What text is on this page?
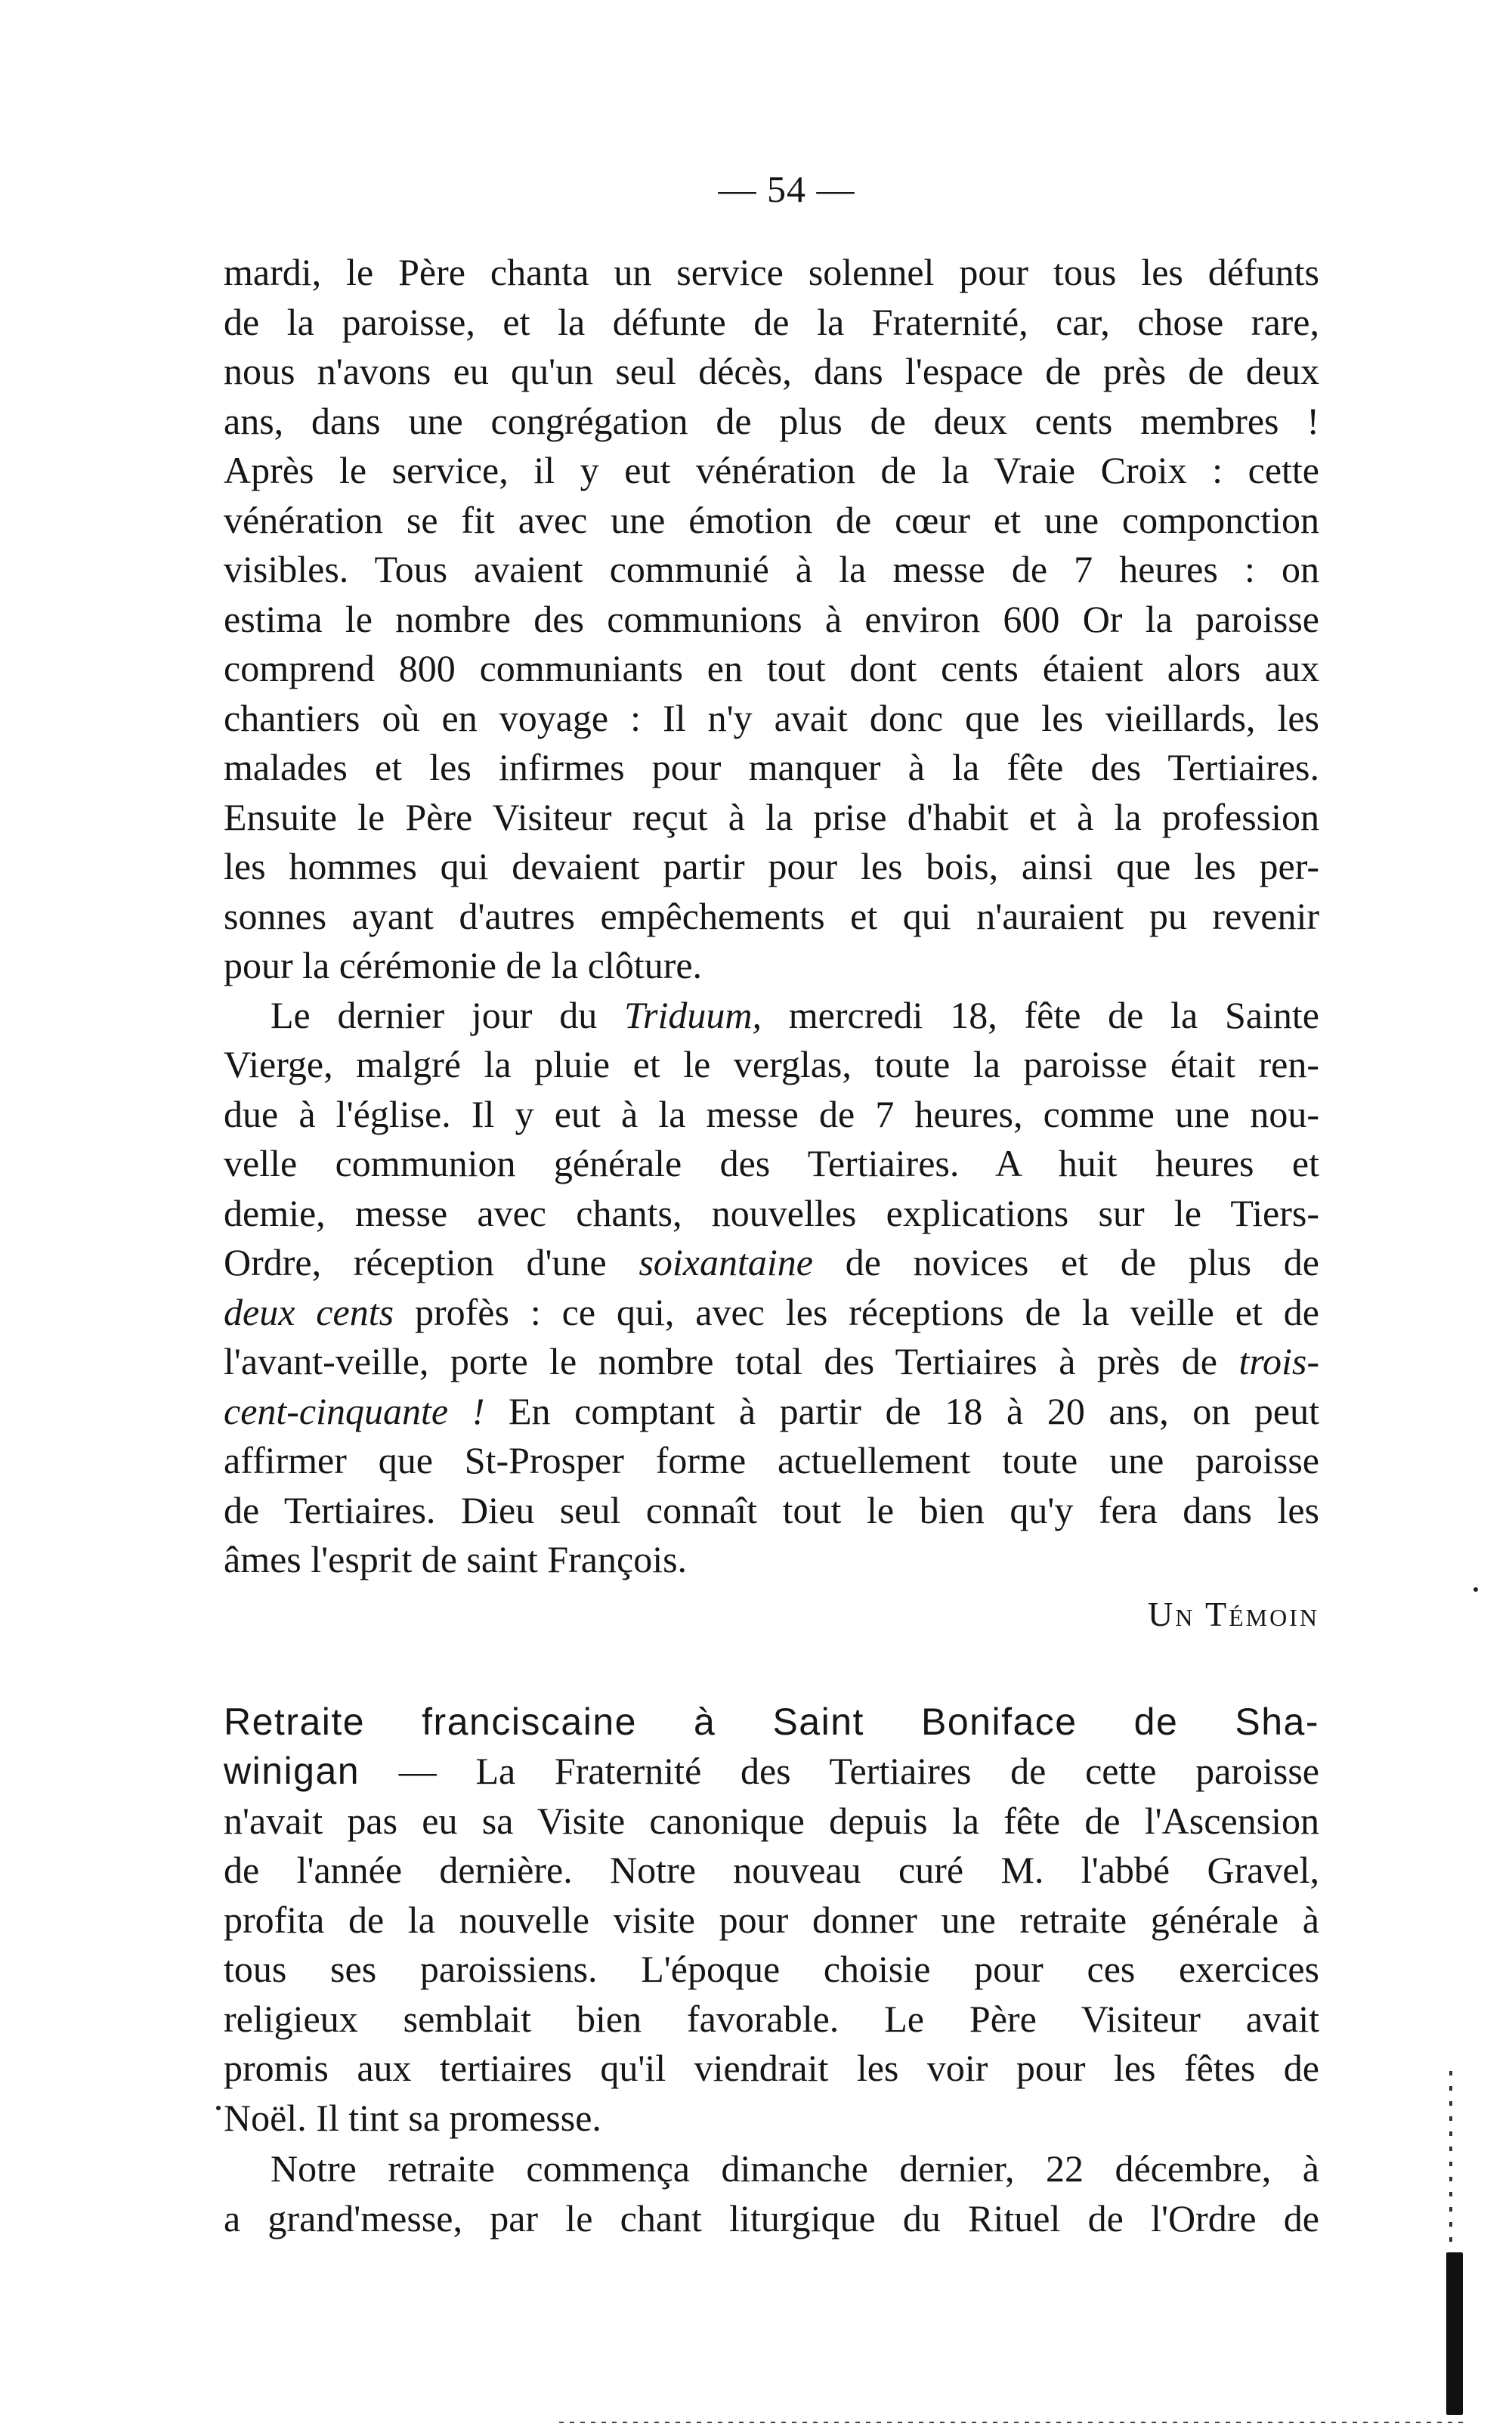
— 54 —
mardi, le Père chanta un service solennel pour tous les défunts
de la paroisse, et la défunte de la Fraternité, car, chose rare,
nous n'avons eu qu'un seul décès, dans l'espace de près de deux
ans, dans une congrégation de plus de deux cents membres !
Après le service, il y eut vénération de la Vraie Croix : cette
vénération se fit avec une émotion de cœur et une componction
visibles. Tous avaient communié à la messe de 7 heures : on
estima le nombre des communions à environ 600 Or la paroisse
comprend 800 communiants en tout dont cents étaient alors aux
chantiers où en voyage : Il n'y avait donc que les vieillards, les
malades et les infirmes pour manquer à la fête des Tertiaires.
Ensuite le Père Visiteur reçut à la prise d'habit et à la profession
les hommes qui devaient partir pour les bois, ainsi que les per-
sonnes ayant d'autres empêchements et qui n'auraient pu revenir
pour la cérémonie de la clôture.
Le dernier jour du Triduum, mercredi 18, fête de la Sainte
Vierge, malgré la pluie et le verglas, toute la paroisse était ren-
due à l'église. Il y eut à la messe de 7 heures, comme une nou-
velle communion générale des Tertiaires. A huit heures et
demie, messe avec chants, nouvelles explications sur le Tiers-
Ordre, réception d'une soixantaine de novices et de plus de
deux cents profès : ce qui, avec les réceptions de la veille et de
l'avant-veille, porte le nombre total des Tertiaires à près de trois-
cent-cinquante ! En comptant à partir de 18 à 20 ans, on peut
affirmer que St-Prosper forme actuellement toute une paroisse
de Tertiaires. Dieu seul connaît tout le bien qu'y fera dans les
âmes l'esprit de saint François.
Un Témoin
Retraite franciscaine à Saint Boniface de Sha-
winigan — La Fraternité des Tertiaires de cette paroisse
n'avait pas eu sa Visite canonique depuis la fête de l'Ascension
de l'année dernière. Notre nouveau curé M. l'abbé Gravel,
profita de la nouvelle visite pour donner une retraite générale à
tous ses paroissiens. L'époque choisie pour ces exercices
religieux semblait bien favorable. Le Père Visiteur avait
promis aux tertiaires qu'il viendrait les voir pour les fêtes de
Noël. Il tint sa promesse.
Notre retraite commença dimanche dernier, 22 décembre, à
a grand'messe, par le chant liturgique du Rituel de l'Ordre de
